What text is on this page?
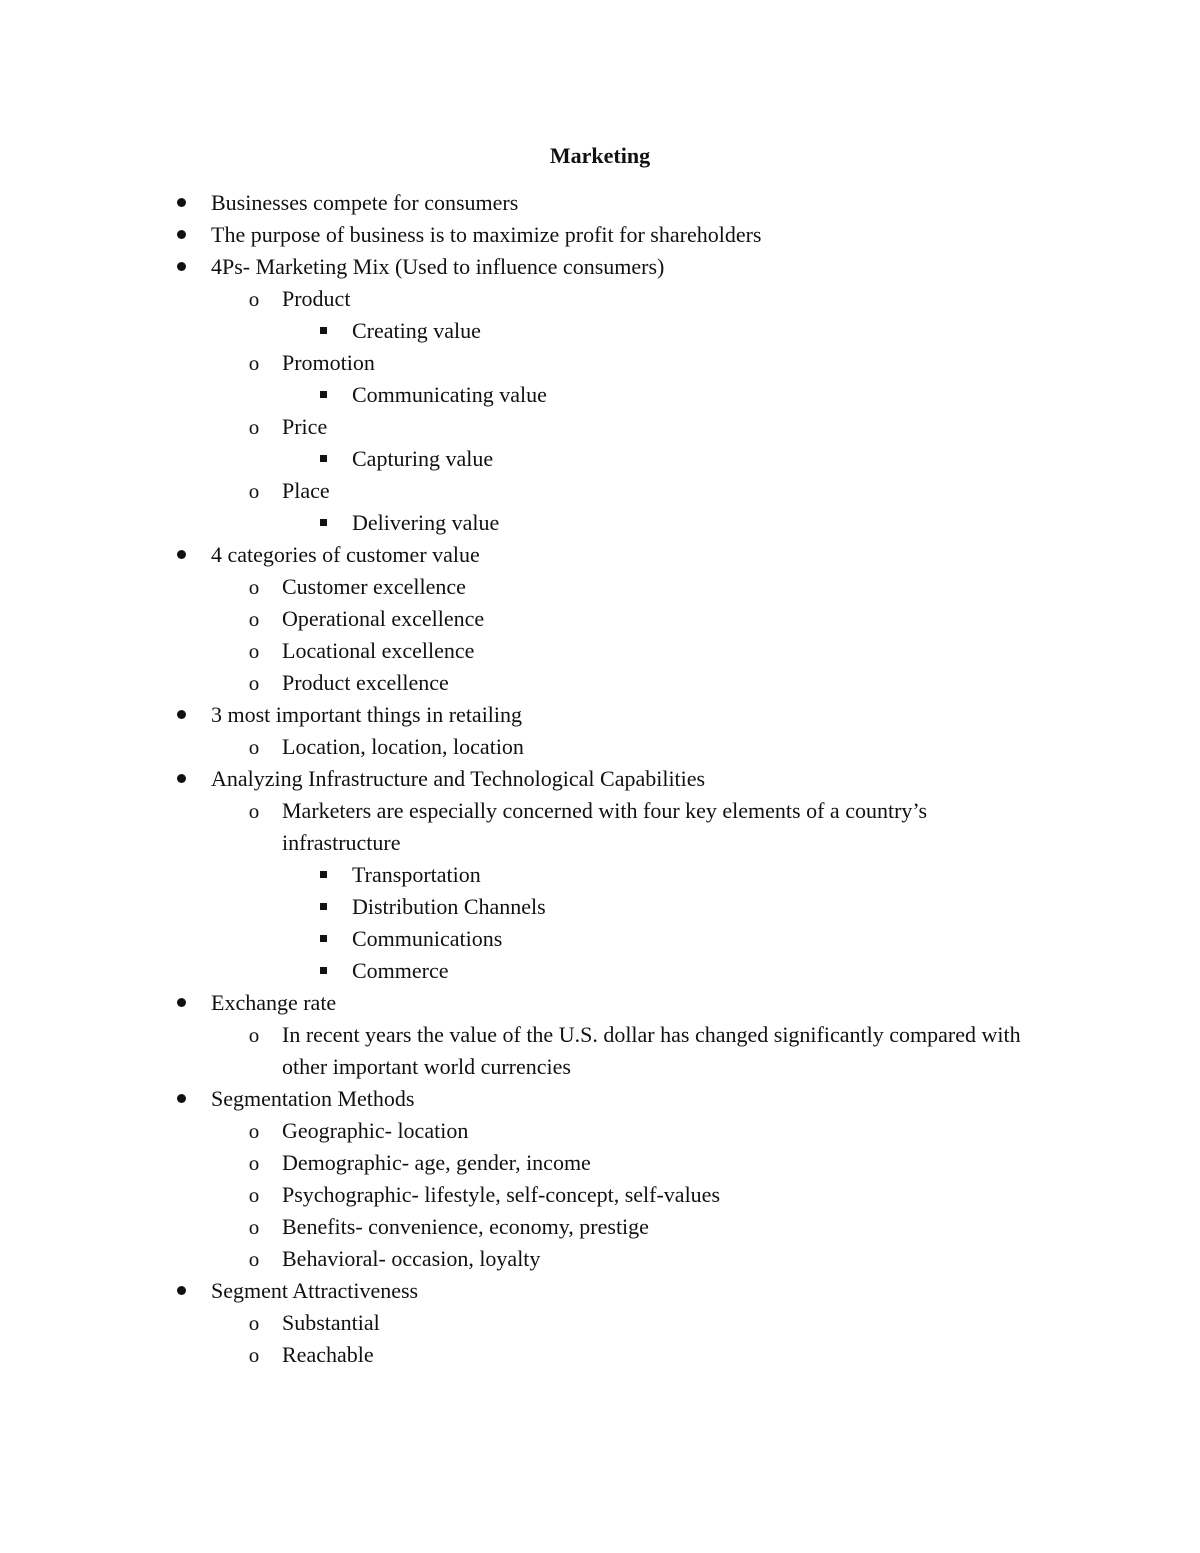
Marketing
Businesses compete for consumers
The purpose of business is to maximize profit for shareholders
4Ps- Marketing Mix (Used to influence consumers)
o Product
Creating value
o Promotion
Communicating value
o Price
Capturing value
o Place
Delivering value
4 categories of customer value
o Customer excellence
o Operational excellence
o Locational excellence
o Product excellence
3 most important things in retailing
o Location, location, location
Analyzing Infrastructure and Technological Capabilities
o Marketers are especially concerned with four key elements of a country’s infrastructure
Transportation
Distribution Channels
Communications
Commerce
Exchange rate
o In recent years the value of the U.S. dollar has changed significantly compared with other important world currencies
Segmentation Methods
o Geographic- location
o Demographic- age, gender, income
o Psychographic- lifestyle, self-concept, self-values
o Benefits- convenience, economy, prestige
o Behavioral- occasion, loyalty
Segment Attractiveness
o Substantial
o Reachable
